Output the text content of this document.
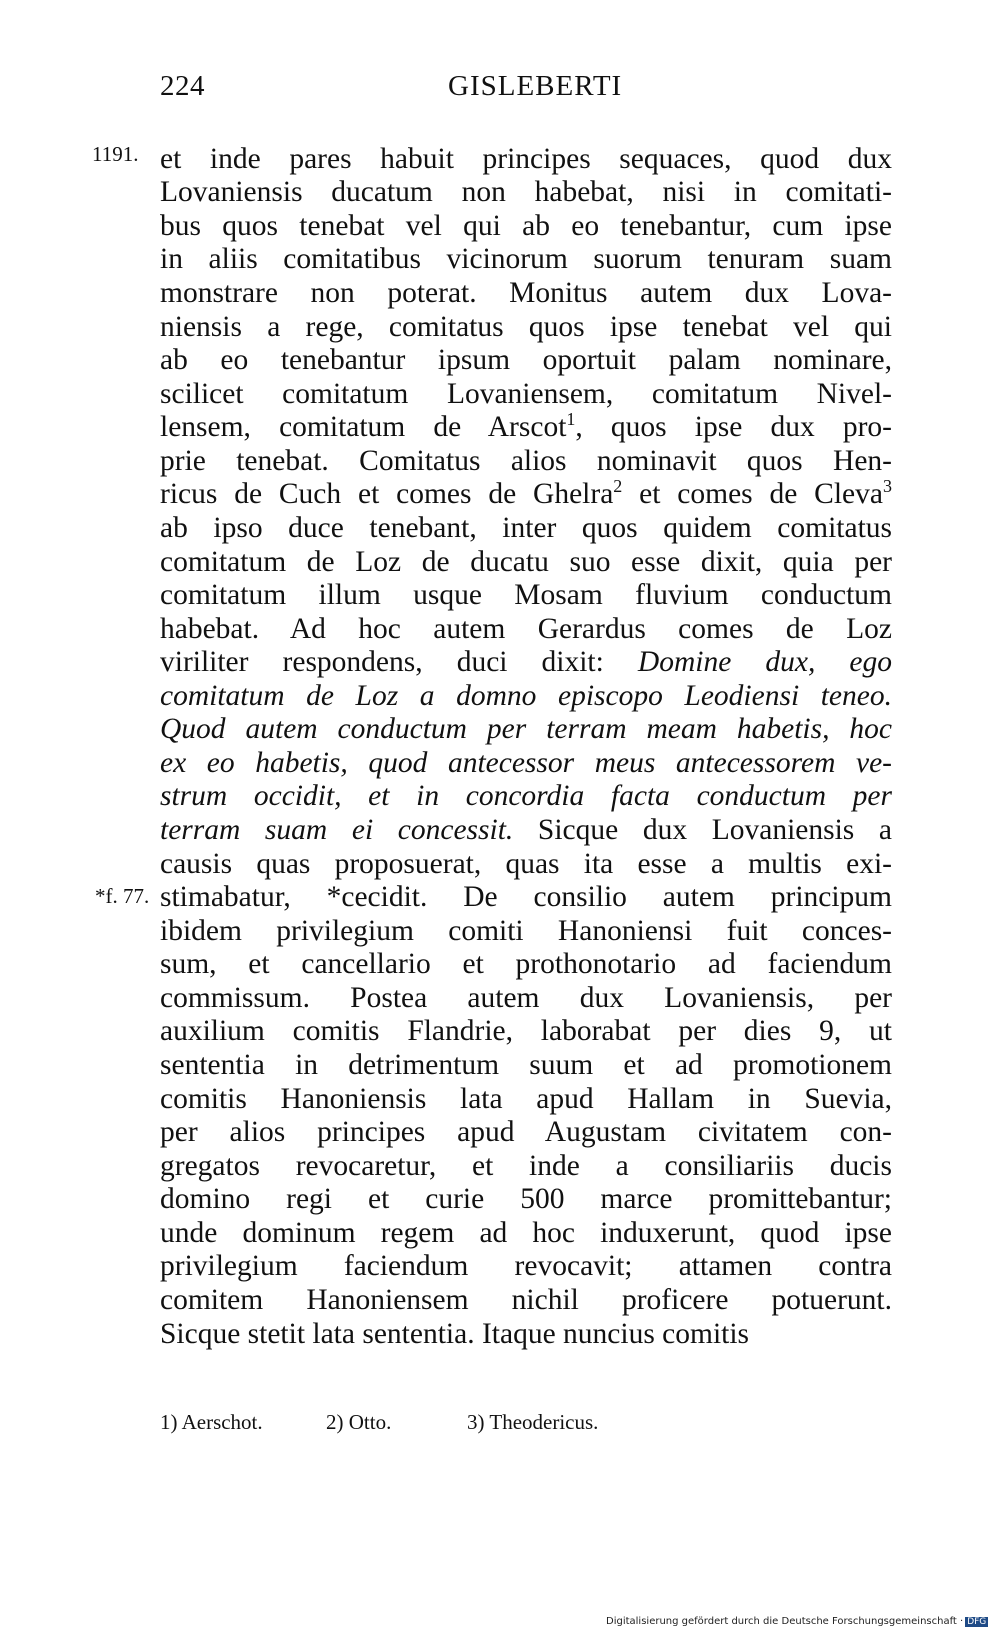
224	GISLEBERTI
1191.
*f. 77.
et inde pares habuit principes sequaces, quod dux
Lovaniensis ducatum non habebat, nisi in comitati-
bus quos tenebat vel qui ab eo tenebantur, cum ipse
in aliis comitatibus vicinorum suorum tenuram suam
monstrare non poterat. Monitus autem dux Lova-
niensis a rege, comitatus quos ipse tenebat vel qui
ab eo tenebantur ipsum oportuit palam nominare,
scilicet comitatum Lovaniensem, comitatum Nivel-
lensem, comitatum de Arscot$^1$, quos ipse dux pro-
prie tenebat. Comitatus alios nominavit quos Hen-
ricus de Cuch et comes de Ghelra$^2$ et comes de Cleva$^3$
ab ipso duce tenebant, inter quos quidem comitatus
comitatum de Loz de ducatu suo esse dixit, quia per
comitatum illum usque Mosam fluvium conductum
habebat. Ad hoc autem Gerardus comes de Loz
viriliter respondens, duci dixit: Domine dux, ego
comitatum de Loz a domno episcopo Leodiensi teneo.
Quod autem conductum per terram meam habetis, hoc
ex eo habetis, quod antecessor meus antecessorem ve-
strum occidit, et in concordia facta conductum per
terram suam ei concessit. Sicque dux Lovaniensis a
causis quas proposuerat, quas ita esse a multis exi-
stimabatur, *cecidit. De consilio autem principum
ibidem privilegium comiti Hanoniensi fuit conces-
sum, et cancellario et prothonotario ad faciendum
commissum. Postea autem dux Lovaniensis, per
auxilium comitis Flandrie, laborabat per dies 9, ut
sententia in detrimentum suum et ad promotionem
comitis Hanoniensis lata apud Hallam in Suevia,
per alios principes apud Augustam civitatem con-
gregatos revocaretur, et inde a consiliariis ducis
domino regi et curie 500 marce promittebantur;
unde dominum regem ad hoc induxerunt, quod ipse
privilegium faciendum revocavit; attamen contra
comitem Hanoniensem nichil proficere potuerunt.
Sicque stetit lata sententia. Itaque nuncius comitis
1) Aerschot.	2) Otto.	3) Theodericus.
Digitalisierung gefördert durch die Deutsche Forschungsgemeinschaft · DFG
